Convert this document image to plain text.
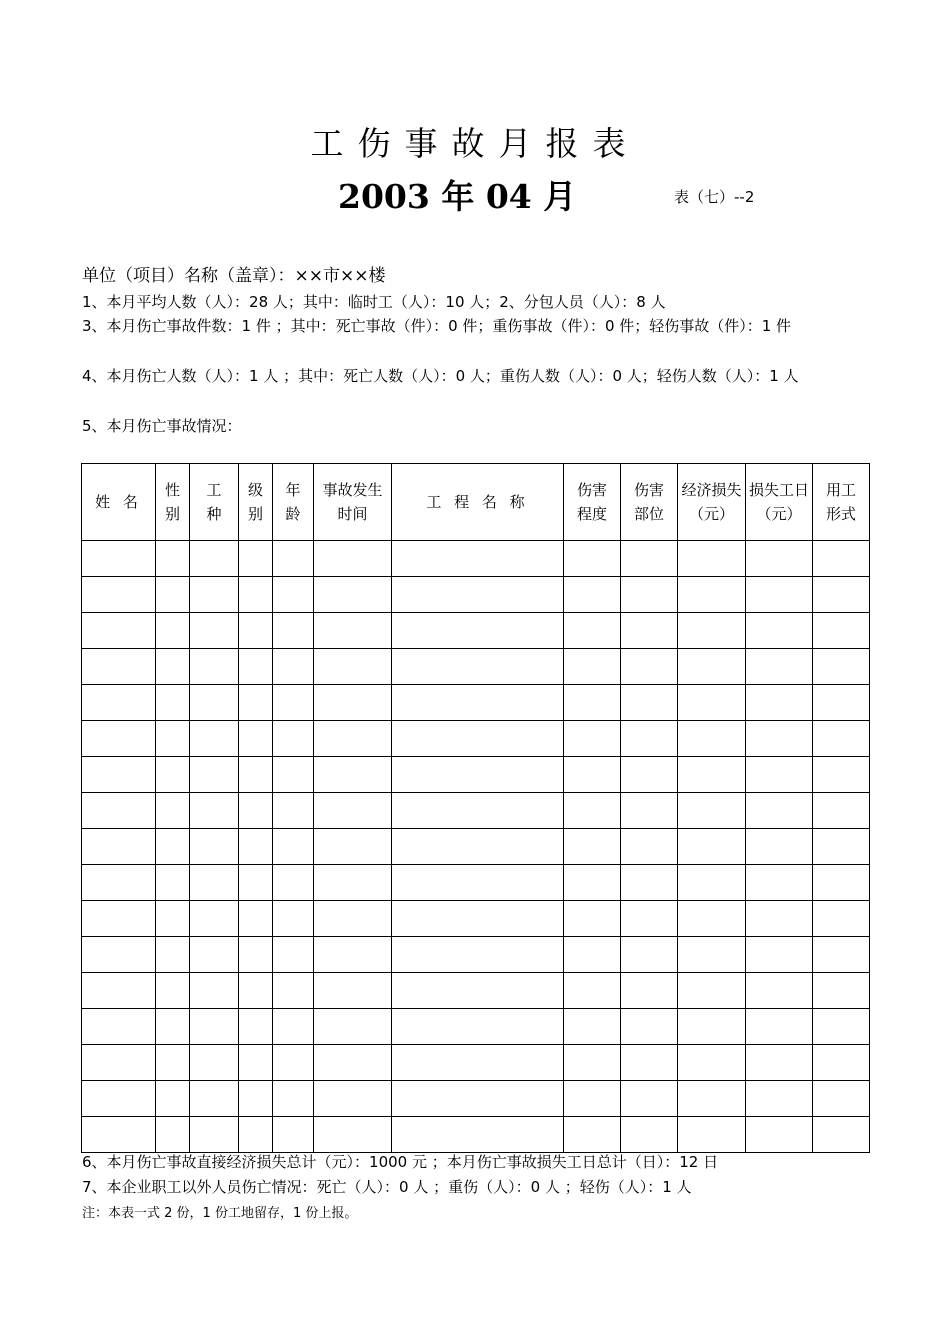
工伤事故月报表
2003 年 04 月	表（七）--2
单位（项目）名称（盖章）：××市××楼
1、本月平均人数（人）：28 人；其中：临时工（人）：10 人；2、分包人员（人）：8 人
3、本月伤亡事故件数：1 件 ；其中：死亡事故（件）：0 件；重伤事故（件）：0 件；轻伤事故（件）：1 件
4、本月伤亡人数（人）：1 人 ；其中：死亡人数（人）：0 人；重伤人数（人）：0 人；轻伤人数（人）：1 人
5、本月伤亡事故情况：
姓 名	性别	工种	级别	年龄	事故发生时间	工 程 名 称	伤害程度	伤害部位	经济损失（元）	损失工日（元）	用工形式

6、本月伤亡事故直接经济损失总计（元）：1000 元 ；本月伤亡事故损失工日总计（日）：12 日
7、本企业职工以外人员伤亡情况：死亡（人）：0 人 ；重伤（人）：0 人 ；轻伤（人）：1 人
注：本表一式 2 份，1 份工地留存，1 份上报。
